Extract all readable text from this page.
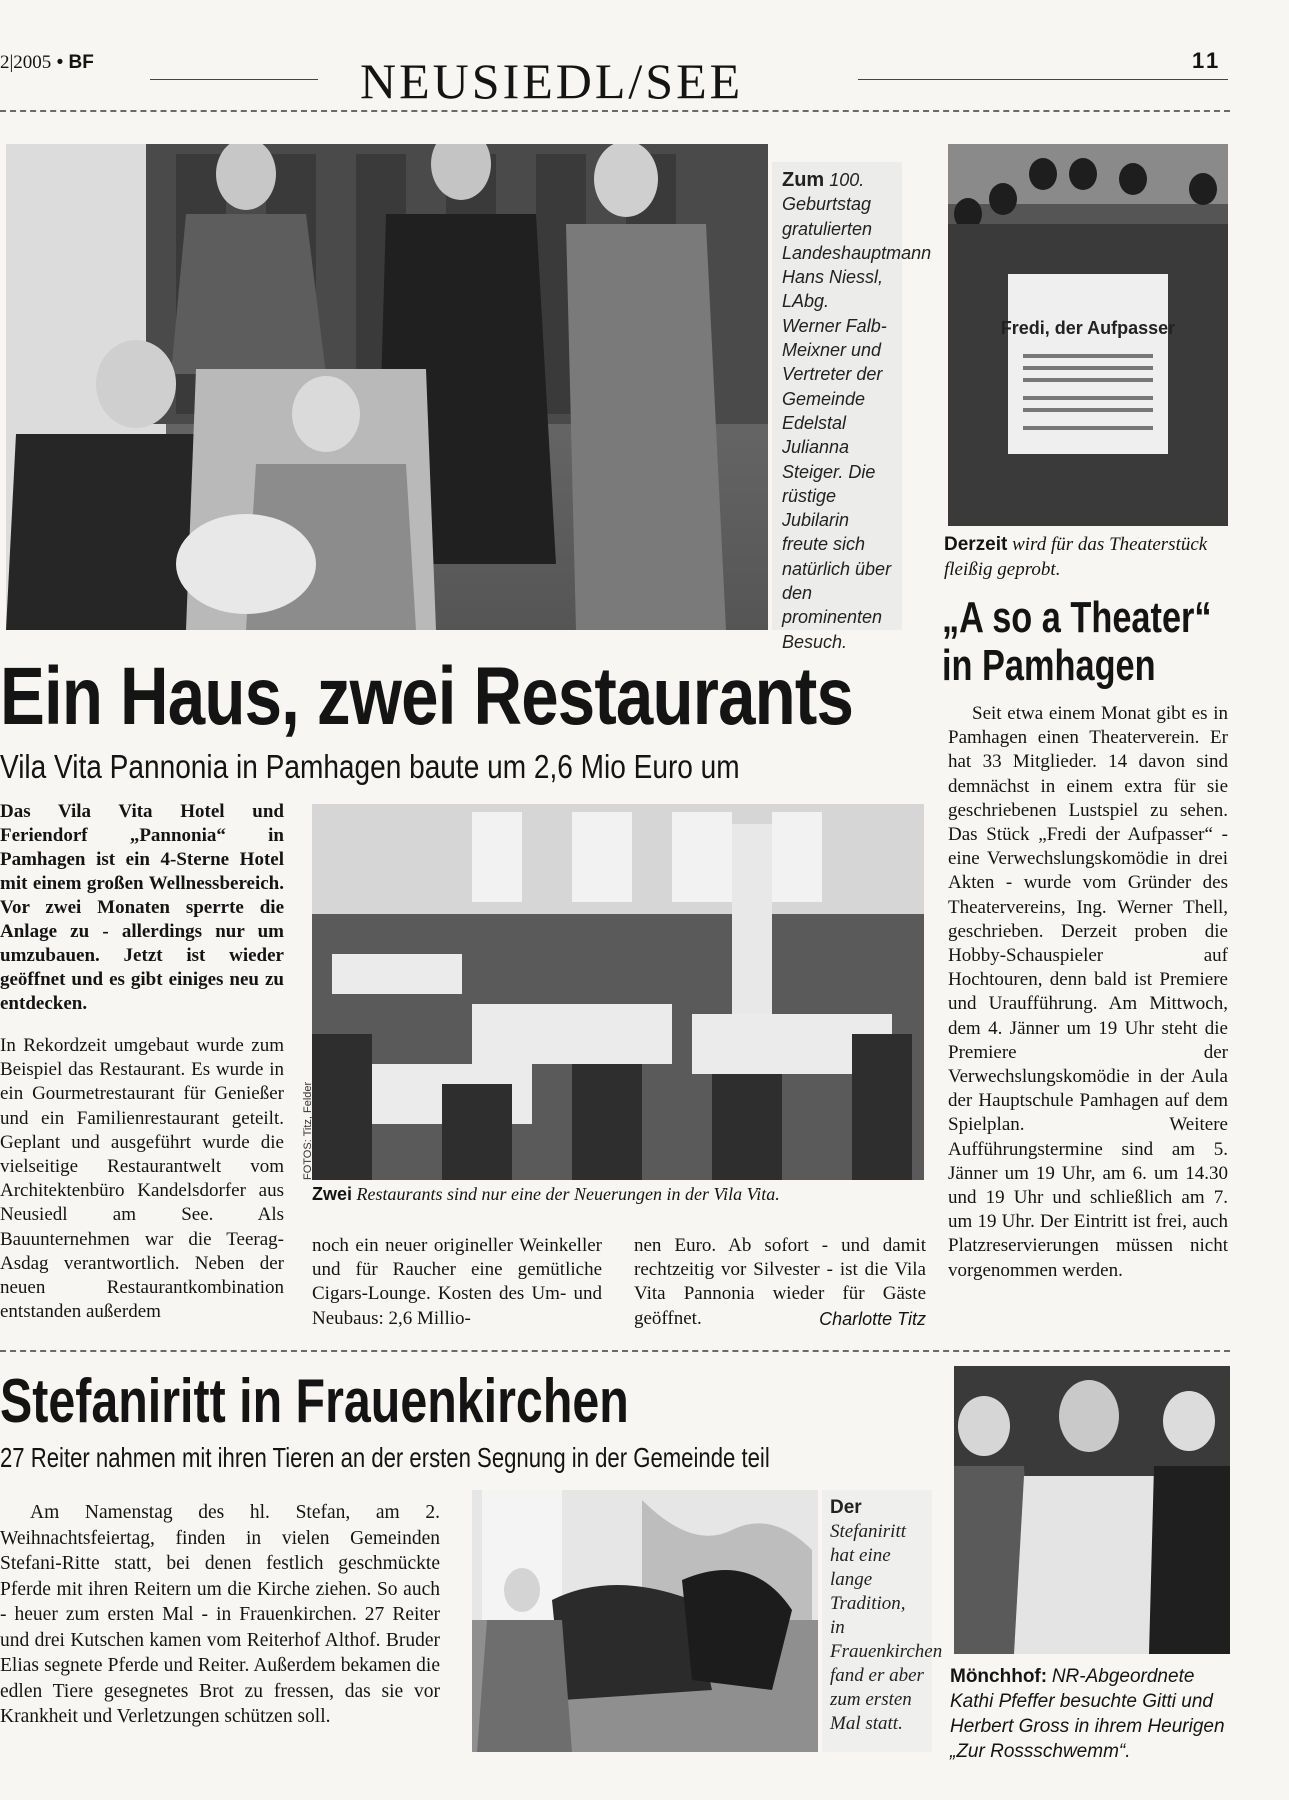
2|2005 • BF	NEUSIEDL/SEE	11
Zum 100. Geburtstag gratulierten Landeshauptmann Hans Niessl, LAbg. Werner Falb-Meixner und Vertreter der Gemeinde Edelstal Julianna Steiger. Die rüstige Jubilarin freute sich natürlich über den prominenten Besuch.
Ein Haus, zwei Restaurants
Vila Vita Pannonia in Pamhagen baute um 2,6 Mio Euro um

Das Vila Vita Hotel und Feriendorf „Pannonia“ in Pamhagen ist ein 4-Sterne Hotel mit einem großen Wellnessbereich. Vor zwei Monaten sperrte die Anlage zu - allerdings nur um umzubauen. Jetzt ist wieder geöffnet und es gibt einiges neu zu entdecken.

In Rekordzeit umgebaut wurde zum Beispiel das Restaurant. Es wurde in ein Gourmetrestaurant für Genießer und ein Familienrestaurant geteilt. Geplant und ausgeführt wurde die vielseitige Restaurantwelt vom Architektenbüro Kandelsdorfer aus Neusiedl am See. Als Bauunternehmen war die Teerag-Asdag verantwortlich. Neben der neuen Restaurantkombination entstanden außerdem

FOTOS: Titz, Felder
Zwei Restaurants sind nur eine der Neuerungen in der Vila Vita.
noch ein neuer origineller Weinkeller und für Raucher eine gemütliche Cigars-Lounge. Kosten des Um- und Neubaus: 2,6 Millio-

nen Euro. Ab sofort - und damit rechtzeitig vor Silvester - ist die Vila Vita Pannonia wieder für Gäste geöffnet.	Charlotte Titz

Fredi, der Aufpasser
Derzeit wird für das Theaterstück fleißig geprobt.
„A so a Theater“
in Pamhagen
Seit etwa einem Monat gibt es in Pamhagen einen Theaterverein. Er hat 33 Mitglieder. 14 davon sind demnächst in einem extra für sie geschriebenen Lustspiel zu sehen. Das Stück „Fredi der Aufpasser“ - eine Verwechslungskomödie in drei Akten - wurde vom Gründer des Theatervereins, Ing. Werner Thell, geschrieben. Derzeit proben die Hobby-Schauspieler auf Hochtouren, denn bald ist Premiere und Uraufführung. Am Mittwoch, dem 4. Jänner um 19 Uhr steht die Premiere der Verwechslungskomödie in der Aula der Hauptschule Pamhagen auf dem Spielplan. Weitere Aufführungstermine sind am 5. Jänner um 19 Uhr, am 6. um 14.30 und 19 Uhr und schließlich am 7. um 19 Uhr. Der Eintritt ist frei, auch Platzreservierungen müssen nicht vorgenommen werden.
Stefaniritt in Frauenkirchen
27 Reiter nahmen mit ihren Tieren an der ersten Segnung in der Gemeinde teil
Am Namenstag des hl. Stefan, am 2. Weihnachtsfeiertag, finden in vielen Gemeinden Stefani-Ritte statt, bei denen festlich geschmückte Pferde mit ihren Reitern um die Kirche ziehen. So auch - heuer zum ersten Mal - in Frauenkirchen. 27 Reiter und drei Kutschen kamen vom Reiterhof Althof. Bruder Elias segnete Pferde und Reiter. Außerdem bekamen die edlen Tiere gesegnetes Brot zu fressen, das sie vor Krankheit und Verletzungen schützen soll.
Der Stefaniritt hat eine lange Tradition, in Frauenkirchen fand er aber zum ersten Mal statt.
Mönchhof: NR-Abgeordnete Kathi Pfeffer besuchte Gitti und Herbert Gross in ihrem Heurigen „Zur Rossschwemm“.
